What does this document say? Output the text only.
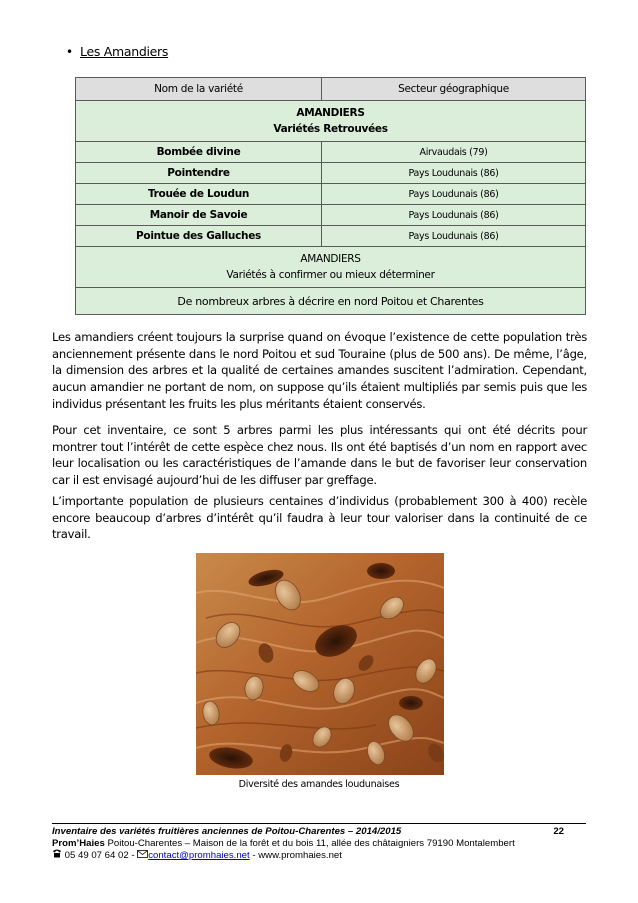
• Les Amandiers
Nom de la variété	Secteur géographique

AMANDIERS
Variétés Retrouvées	

Bombée divine	Airvaudais (79)
Pointendre	Pays Loudunais (86)
Trouée de Loudun	Pays Loudunais (86)
Manoir de Savoie	Pays Loudunais (86)
Pointue des Galluches	Pays Loudunais (86)

AMANDIERS
Variétés à confirmer ou mieux déterminer	

De nombreux arbres à décrire en nord Poitou et Charentes	

Les amandiers créent toujours la surprise quand on évoque l’existence de cette population très anciennement présente dans le nord Poitou et sud Touraine (plus de 500 ans). De même, l’âge, la dimension des arbres et la qualité de certaines amandes suscitent l’admiration. Cependant, aucun amandier ne portant de nom, on suppose qu’ils étaient multipliés par semis puis que les individus présentant les fruits les plus méritants étaient conservés.

Pour cet inventaire, ce sont 5 arbres parmi les plus intéressants qui ont été décrits pour montrer tout l’intérêt de cette espèce chez nous. Ils ont été baptisés d’un nom en rapport avec leur localisation ou les caractéristiques de l’amande dans le but de favoriser leur conservation car il est envisagé aujourd’hui de les diffuser par greffage.

L’importante population de plusieurs centaines d’individus (probablement 300 à 400) recèle encore beaucoup d’arbres d’intérêt qu’il faudra à leur tour valoriser dans la continuité de ce travail.

Diversité des amandes loudunaises
Inventaire des variétés fruitières anciennes de Poitou-Charentes – 2014/2015	22
Prom’Haies Poitou-Charentes – Maison de la forêt et du bois 11, allée des châtaigniers 79190 Montalembert
05 49 07 64 02 - contact@promhaies.net - www.promhaies.net
